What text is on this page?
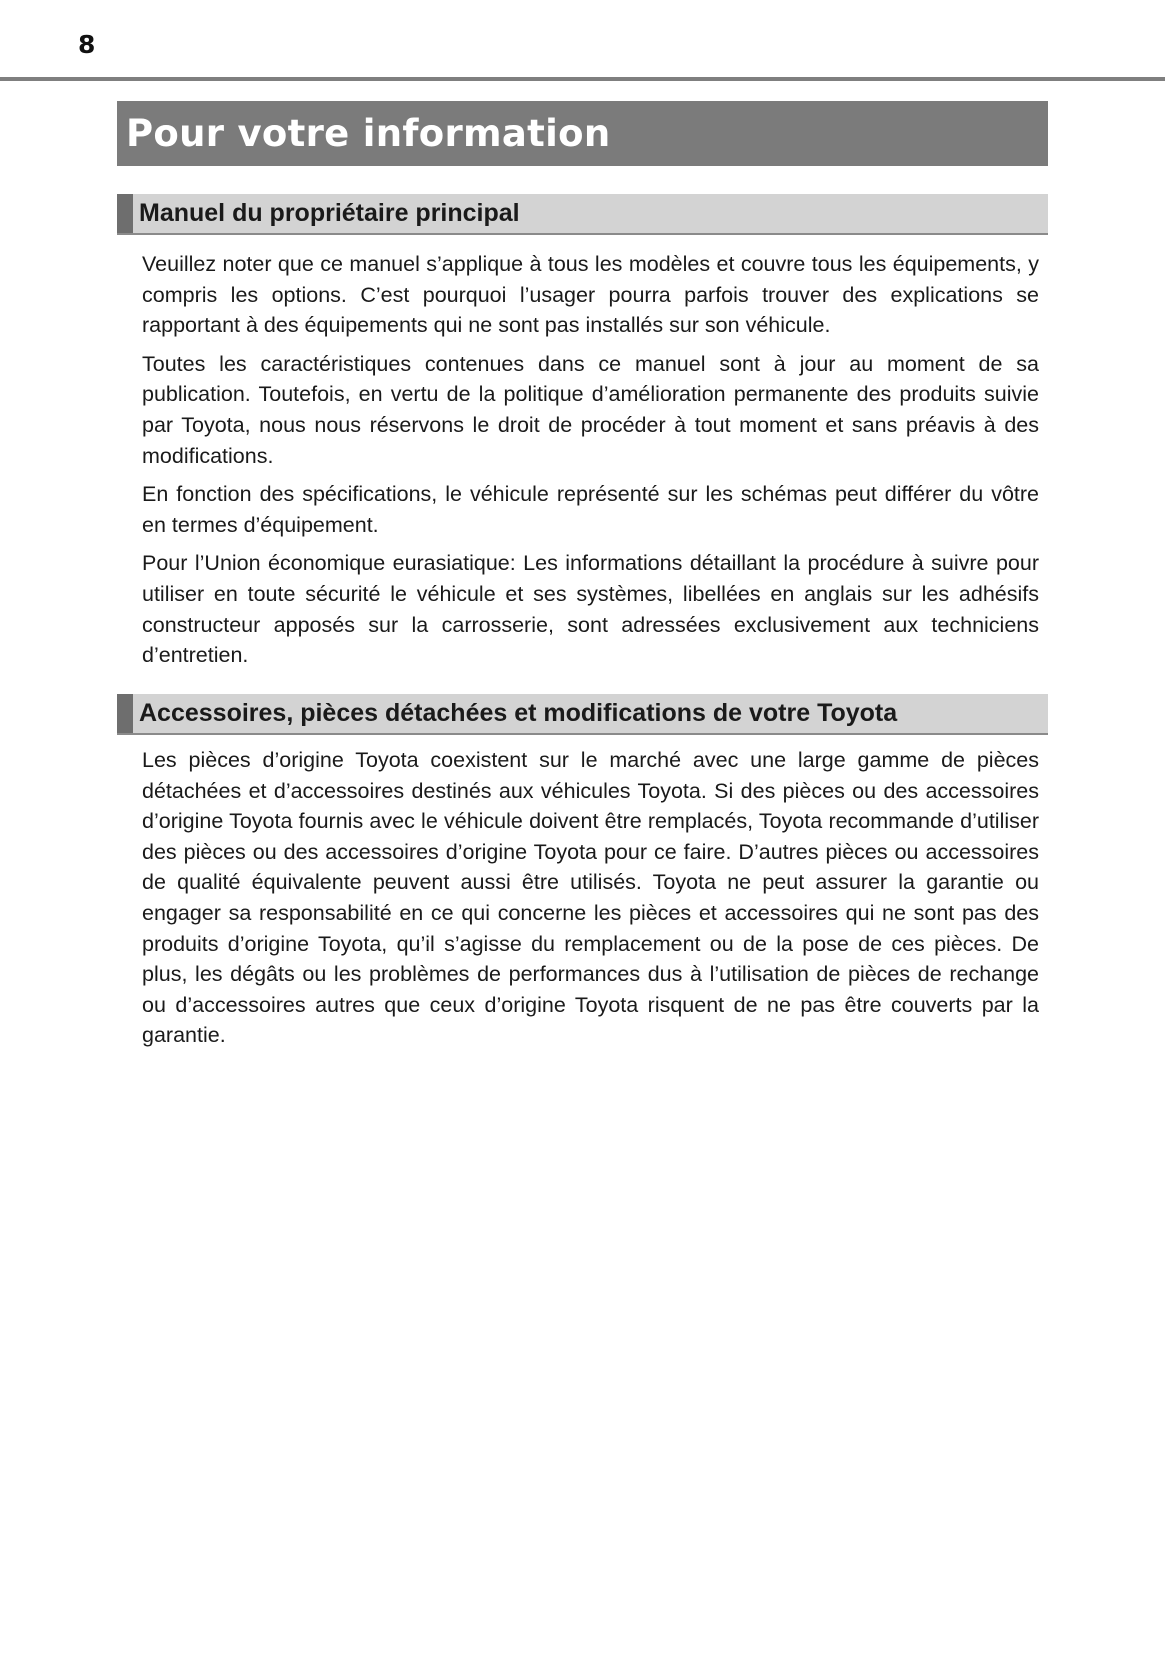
8
Pour votre information
Manuel du propriétaire principal

Veuillez noter que ce manuel s’applique à tous les modèles et couvre tous les équipements, y compris les options. C’est pourquoi l’usager pourra parfois trouver des explications se rapportant à des équipements qui ne sont pas installés sur son véhicule.

Toutes les caractéristiques contenues dans ce manuel sont à jour au moment de sa publication. Toutefois, en vertu de la politique d’amélioration permanente des produits suivie par Toyota, nous nous réservons le droit de procéder à tout moment et sans préavis à des modifications.

En fonction des spécifications, le véhicule représenté sur les schémas peut différer du vôtre en termes d’équipement.

Pour l’Union économique eurasiatique: Les informations détaillant la procédure à suivre pour utiliser en toute sécurité le véhicule et ses systèmes, libellées en anglais sur les adhésifs constructeur apposés sur la carrosserie, sont adressées exclusivement aux techniciens d’entretien.

Accessoires, pièces détachées et modifications de votre Toyota

Les pièces d’origine Toyota coexistent sur le marché avec une large gamme de pièces détachées et d’accessoires destinés aux véhicules Toyota. Si des pièces ou des accessoires d’origine Toyota fournis avec le véhicule doivent être remplacés, Toyota recommande d’utiliser des pièces ou des accessoires d’origine Toyota pour ce faire. D’autres pièces ou accessoires de qualité équivalente peuvent aussi être utilisés. Toyota ne peut assurer la garantie ou engager sa responsabilité en ce qui concerne les pièces et accessoires qui ne sont pas des produits d’origine Toyota, qu’il s’agisse du remplacement ou de la pose de ces pièces. De plus, les dégâts ou les problèmes de performances dus à l’utilisation de pièces de rechange ou d’accessoires autres que ceux d’origine Toyota risquent de ne pas être couverts par la garantie.
